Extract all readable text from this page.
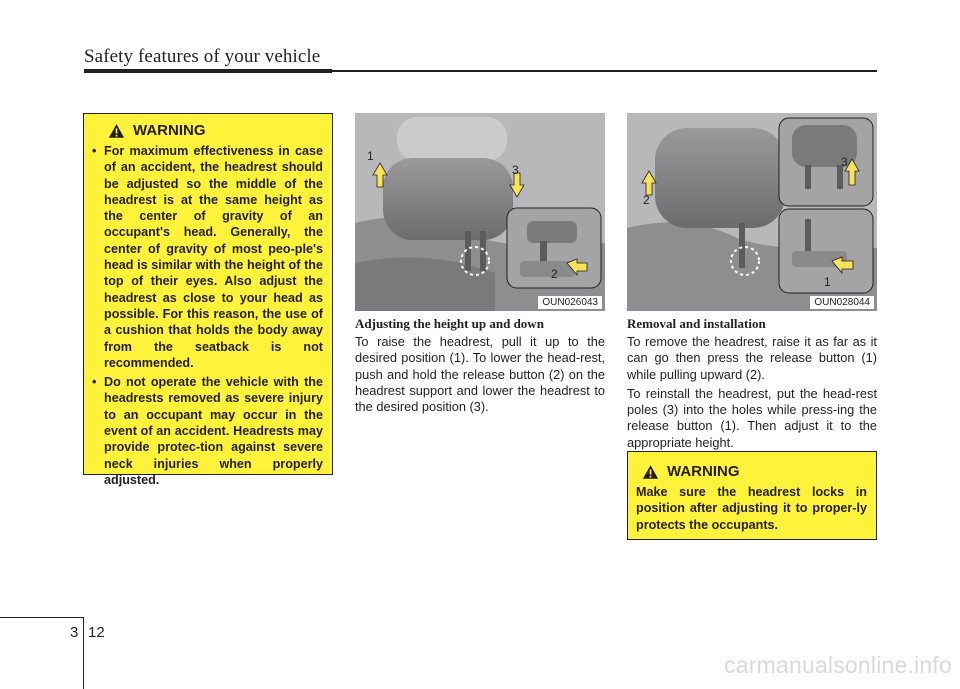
Safety features of your vehicle
WARNING
• For maximum effectiveness in case of an accident, the headrest should be adjusted so the middle of the headrest is at the same height as the center of gravity of an occupant's head. Generally, the center of gravity of most peo-ple's head is similar with the height of the top of their eyes. Also adjust the headrest as close to your head as possible. For this reason, the use of a cushion that holds the body away from the seatback is not recommended.
• Do not operate the vehicle with the headrests removed as severe injury to an occupant may occur in the event of an accident. Headrests may provide protec-tion against severe neck injuries when properly adjusted.
1
3
2
OUN026043
2
3
1
OUN028044
Adjusting the height up and down

To raise the headrest, pull it up to the desired position (1). To lower the head-rest, push and hold the release button (2) on the headrest support and lower the headrest to the desired position (3).

Removal and installation

To remove the headrest, raise it as far as it can go then press the release button (1) while pulling upward (2).

To reinstall the headrest, put the head-rest poles (3) into the holes while press-ing the release button (1). Then adjust it to the appropriate height.

WARNING

Make sure the headrest locks in position after adjusting it to proper-ly protects the occupants.

3 12
carmanualsonline.info
